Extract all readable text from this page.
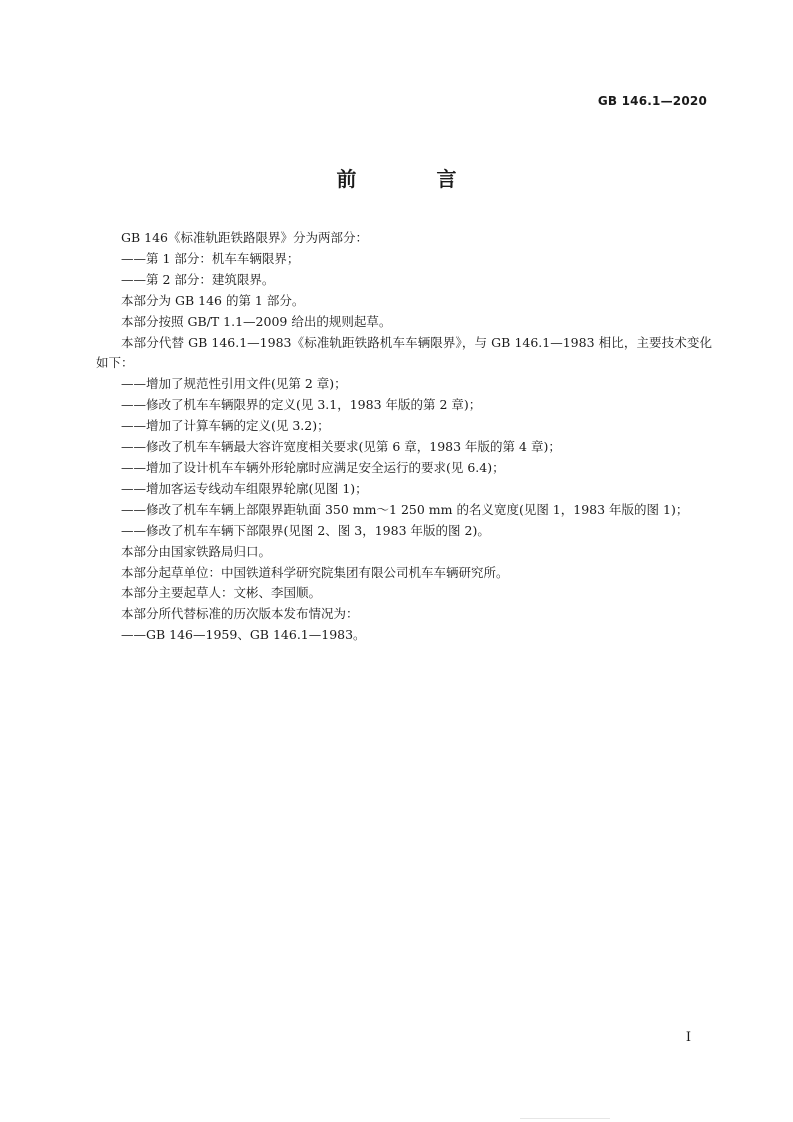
GB 146.1—2020
前　言

GB 146《标准轨距铁路限界》分为两部分：

——第 1 部分：机车车辆限界；

——第 2 部分：建筑限界。

本部分为 GB 146 的第 1 部分。

本部分按照 GB/T 1.1—2009 给出的规则起草。

本部分代替 GB 146.1—1983《标准轨距铁路机车车辆限界》，与 GB 146.1—1983 相比，主要技术变化如下：

——增加了规范性引用文件(见第 2 章)；

——修改了机车车辆限界的定义(见 3.1，1983 年版的第 2 章)；

——增加了计算车辆的定义(见 3.2)；

——修改了机车车辆最大容许宽度相关要求(见第 6 章，1983 年版的第 4 章)；

——增加了设计机车车辆外形轮廓时应满足安全运行的要求(见 6.4)；

——增加客运专线动车组限界轮廓(见图 1)；

——修改了机车车辆上部限界距轨面 350 mm～1 250 mm 的名义宽度(见图 1，1983 年版的图 1)；

——修改了机车车辆下部限界(见图 2、图 3，1983 年版的图 2)。

本部分由国家铁路局归口。

本部分起草单位：中国铁道科学研究院集团有限公司机车车辆研究所。

本部分主要起草人：文彬、李国顺。

本部分所代替标准的历次版本发布情况为：

——GB 146—1959、GB 146.1—1983。

I
